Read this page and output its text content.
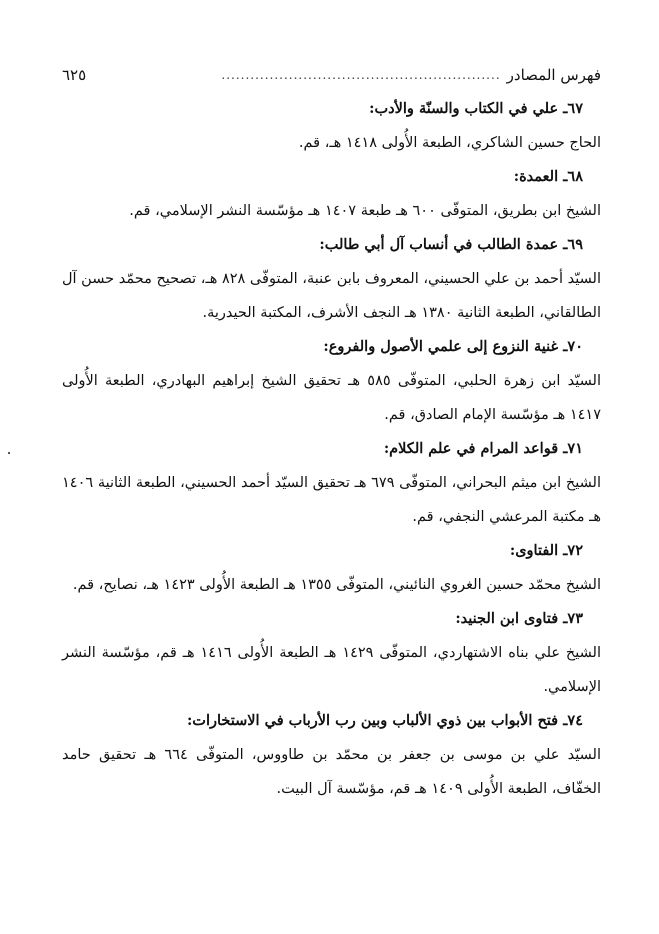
فهرس المصادر
..........................................................
٦٢٥
٦٧ـ علي في الكتاب والسنّة والأدب:
الحاج حسين الشاكري، الطبعة الأُولى ١٤١٨ هـ، قم.
٦٨ـ العمدة:
الشيخ ابن بطريق، المتوفّى ٦٠٠ هـ طبعة ١٤٠٧ هـ مؤسّسة النشر الإسلامي، قم.
٦٩ـ عمدة الطالب في أنساب آل أبي طالب:
السيّد أحمد بن علي الحسيني، المعروف بابن عنبة، المتوفّى ٨٢٨ هـ، تصحيح محمّد حسن آل الطالقاني، الطبعة الثانية ١٣٨٠ هـ النجف الأشرف، المكتبة الحيدرية.
٧٠ـ غنية النزوع إلى علمي الأصول والفروع:
السيّد ابن زهرة الحلبي، المتوفّى ٥٨٥ هـ تحقيق الشيخ إبراهيم البهادري، الطبعة الأُولى ١٤١٧ هـ مؤسّسة الإمام الصادق، قم.
٧١ـ قواعد المرام في علم الكلام:
الشيخ ابن ميثم البحراني، المتوفّى ٦٧٩ هـ تحقيق السيّد أحمد الحسيني، الطبعة الثانية ١٤٠٦ هـ مكتبة المرعشي النجفي، قم.
٧٢ـ الفتاوى:
الشيخ محمّد حسين الغروي النائيني، المتوفّى ١٣٥٥ هـ الطبعة الأُولى ١٤٢٣ هـ، نصايح، قم.
٧٣ـ فتاوى ابن الجنيد:
الشيخ علي بناه الاشتهاردي، المتوفّى ١٤٢٩ هـ الطبعة الأُولى ١٤١٦ هـ قم، مؤسّسة النشر الإسلامي.
٧٤ـ فتح الأبواب بين ذوي الألباب وبين رب الأرباب في الاستخارات:
السيّد علي بن موسى بن جعفر بن محمّد بن طاووس، المتوفّى ٦٦٤ هـ تحقيق حامد الخفّاف، الطبعة الأُولى ١٤٠٩ هـ قم، مؤسّسة آل البيت.
